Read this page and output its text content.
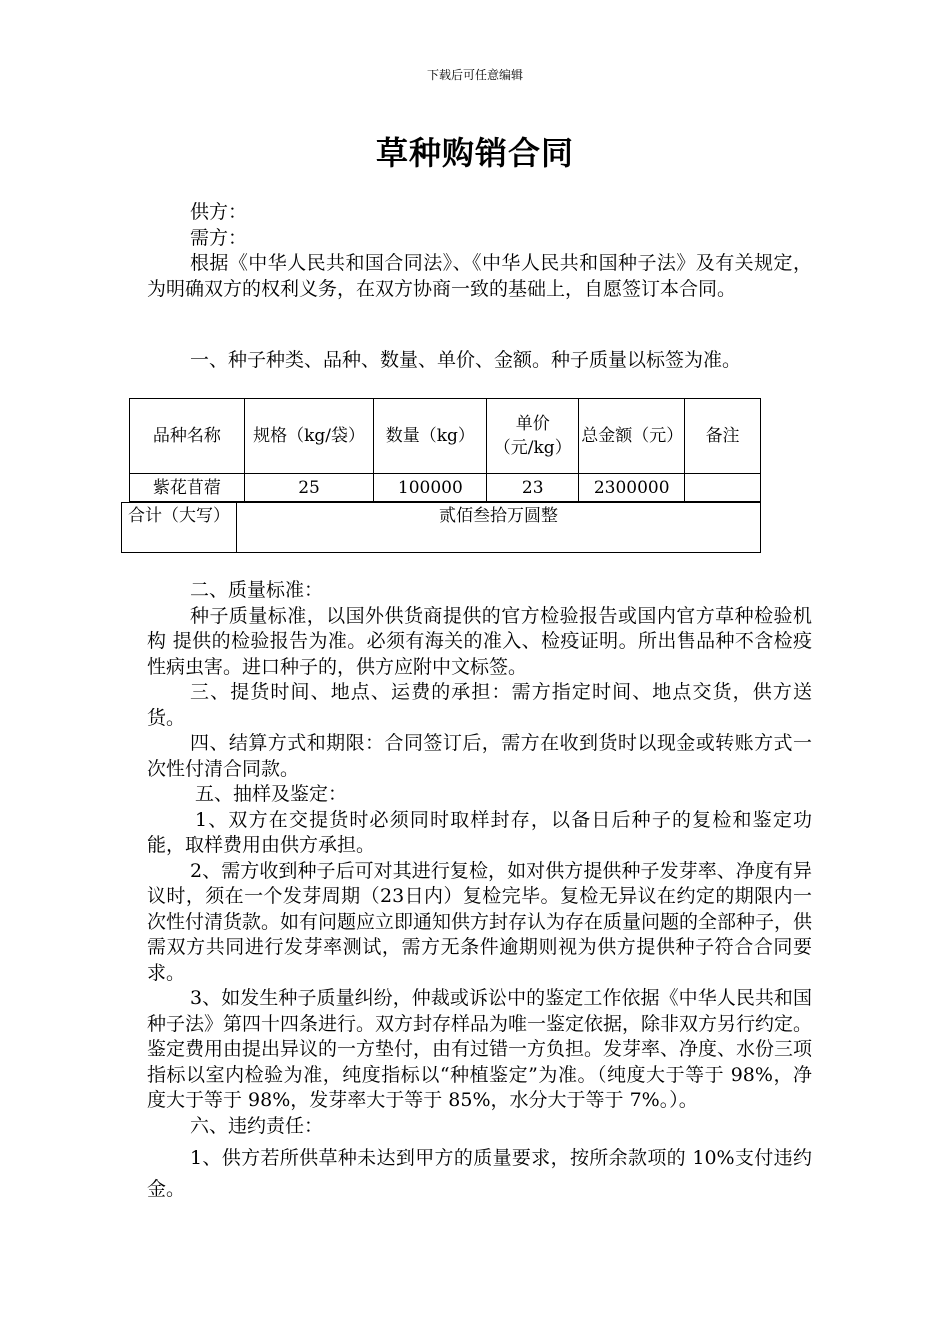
下载后可任意编辑
草种购销合同

供方：

需方：

根据《中华人民共和国合同法》、《中华人民共和国种子法》及有关规定，为明确双方的权利义务，在双方协商一致的基础上，自愿签订本合同。

一、种子种类、品种、数量、单价、金额。种子质量以标签为准。

品种名称	规格（kg/袋）	数量（kg）	单价（元/kg）	总金额（元）	备注
紫花苜蓿	25	100000	23	2300000	
合计（大写）	贰佰叁拾万圆整

二、质量标准：

种子质量标准，以国外供货商提供的官方检验报告或国内官方草种检验机构 提供的检验报告为准。必须有海关的准入、检疫证明。所出售品种不含检疫性病虫害。进口种子的，供方应附中文标签。

三、提货时间、地点、运费的承担：需方指定时间、地点交货，供方送货。

四、结算方式和期限：合同签订后，需方在收到货时以现金或转账方式一次性付清合同款。

五、抽样及鉴定：

1、双方在交提货时必须同时取样封存，以备日后种子的复检和鉴定功能，取样费用由供方承担。

2、需方收到种子后可对其进行复检，如对供方提供种子发芽率、净度有异议时，须在一个发芽周期（23日内）复检完毕。复检无异议在约定的期限内一次性付清货款。如有问题应立即通知供方封存认为存在质量问题的全部种子，供需双方共同进行发芽率测试，需方无条件逾期则视为供方提供种子符合合同要求。

3、如发生种子质量纠纷，仲裁或诉讼中的鉴定工作依据《中华人民共和国种子法》第四十四条进行。双方封存样品为唯一鉴定依据，除非双方另行约定。鉴定费用由提出异议的一方垫付，由有过错一方负担。发芽率、净度、水份三项指标以室内检验为准，纯度指标以“种植鉴定”为准。（纯度大于等于 98%，净度大于等于 98%，发芽率大于等于 85%，水分大于等于 7%。）。

六、违约责任：

1、供方若所供草种未达到甲方的质量要求，按所余款项的 10%支付违约金。
